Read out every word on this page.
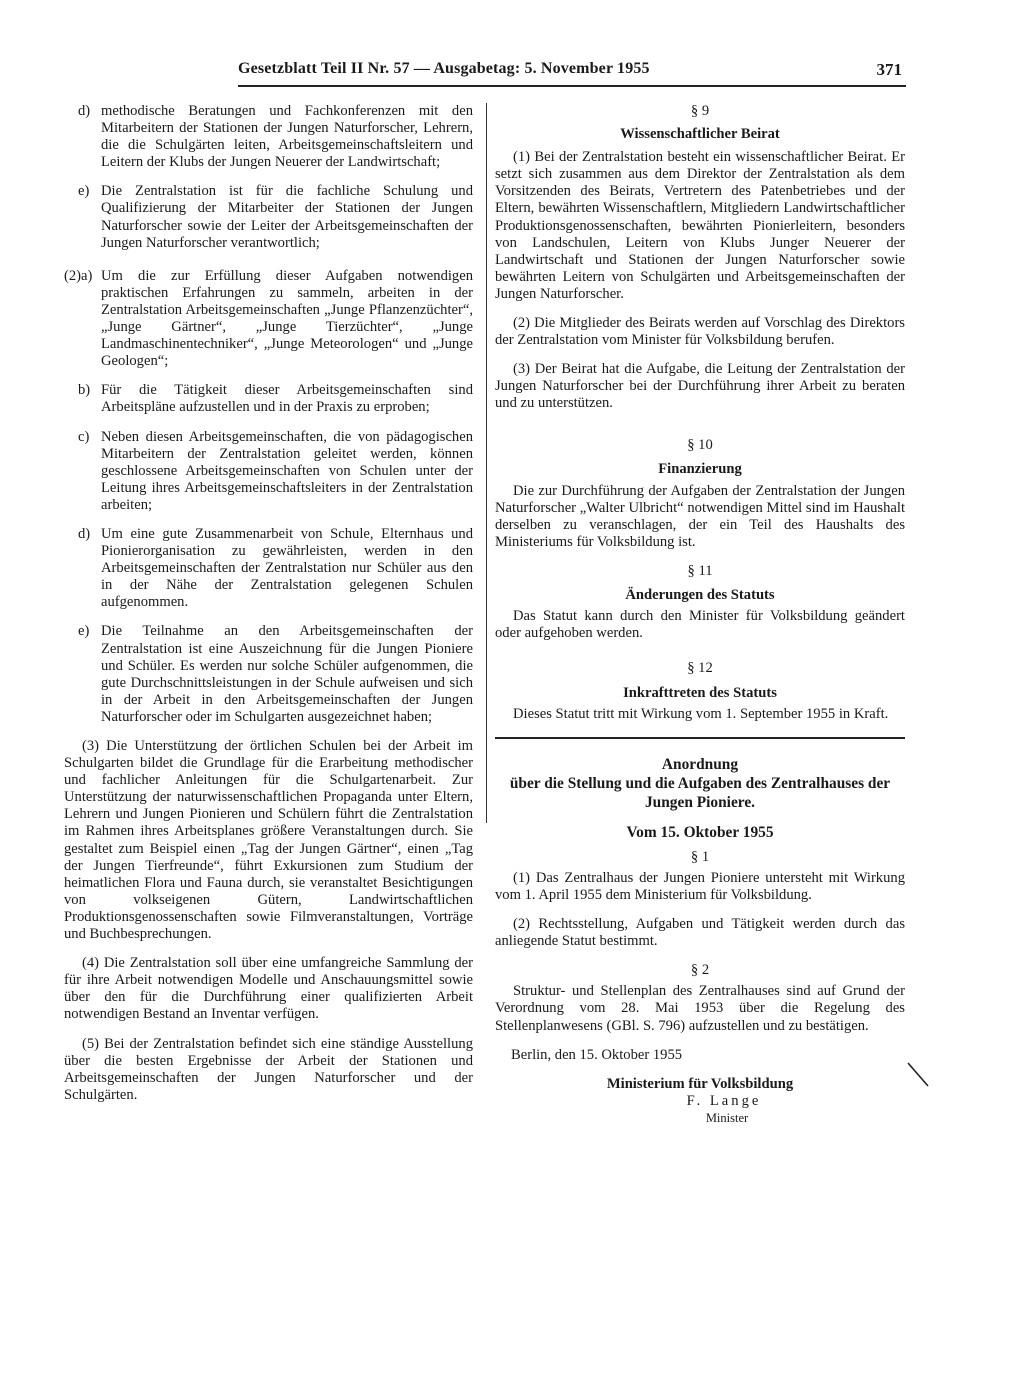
Gesetzblatt Teil II Nr. 57 — Ausgabetag: 5. November 1955	371
d) methodische Beratungen und Fachkonferenzen mit den Mitarbeitern der Stationen der Jungen Naturforscher, Lehrern, die die Schulgärten leiten, Arbeitsgemeinschaftsleitern und Leitern der Klubs der Jungen Neuerer der Landwirtschaft;

e) Die Zentralstation ist für die fachliche Schulung und Qualifizierung der Mitarbeiter der Stationen der Jungen Naturforscher sowie der Leiter der Arbeitsgemeinschaften der Jungen Naturforscher verantwortlich;

(2)a) Um die zur Erfüllung dieser Aufgaben notwendigen praktischen Erfahrungen zu sammeln, arbeiten in der Zentralstation Arbeitsgemeinschaften „Junge Pflanzenzüchter“, „Junge Gärtner“, „Junge Tierzüchter“, „Junge Landmaschinentechniker“, „Junge Meteorologen“ und „Junge Geologen“;

b) Für die Tätigkeit dieser Arbeitsgemeinschaften sind Arbeitspläne aufzustellen und in der Praxis zu erproben;

c) Neben diesen Arbeitsgemeinschaften, die von pädagogischen Mitarbeitern der Zentralstation geleitet werden, können geschlossene Arbeitsgemeinschaften von Schulen unter der Leitung ihres Arbeitsgemeinschaftsleiters in der Zentralstation arbeiten;

d) Um eine gute Zusammenarbeit von Schule, Elternhaus und Pionierorganisation zu gewährleisten, werden in den Arbeitsgemeinschaften der Zentralstation nur Schüler aus den in der Nähe der Zentralstation gelegenen Schulen aufgenommen.

e) Die Teilnahme an den Arbeitsgemeinschaften der Zentralstation ist eine Auszeichnung für die Jungen Pioniere und Schüler. Es werden nur solche Schüler aufgenommen, die gute Durchschnittsleistungen in der Schule aufweisen und sich in der Arbeit in den Arbeitsgemeinschaften der Jungen Naturforscher oder im Schulgarten ausgezeichnet haben;

(3) Die Unterstützung der örtlichen Schulen bei der Arbeit im Schulgarten bildet die Grundlage für die Erarbeitung methodischer und fachlicher Anleitungen für die Schulgartenarbeit. Zur Unterstützung der naturwissenschaftlichen Propaganda unter Eltern, Lehrern und Jungen Pionieren und Schülern führt die Zentralstation im Rahmen ihres Arbeitsplanes größere Veranstaltungen durch. Sie gestaltet zum Beispiel einen „Tag der Jungen Gärtner“, einen „Tag der Jungen Tierfreunde“, führt Exkursionen zum Studium der heimatlichen Flora und Fauna durch, sie veranstaltet Besichtigungen von volkseigenen Gütern, Landwirtschaftlichen Produktionsgenossenschaften sowie Filmveranstaltungen, Vorträge und Buchbesprechungen.

(4) Die Zentralstation soll über eine umfangreiche Sammlung der für ihre Arbeit notwendigen Modelle und Anschauungsmittel sowie über den für die Durchführung einer qualifizierten Arbeit notwendigen Bestand an Inventar verfügen.

(5) Bei der Zentralstation befindet sich eine ständige Ausstellung über die besten Ergebnisse der Arbeit der Stationen und Arbeitsgemeinschaften der Jungen Naturforscher und der Schulgärten.

§ 9

Wissenschaftlicher Beirat

(1) Bei der Zentralstation besteht ein wissenschaftlicher Beirat. Er setzt sich zusammen aus dem Direktor der Zentralstation als dem Vorsitzenden des Beirats, Vertretern des Patenbetriebes und der Eltern, bewährten Wissenschaftlern, Mitgliedern Landwirtschaftlicher Produktionsgenossenschaften, bewährten Pionierleitern, besonders von Landschulen, Leitern von Klubs Junger Neuerer der Landwirtschaft und Stationen der Jungen Naturforscher sowie bewährten Leitern von Schulgärten und Arbeitsgemeinschaften der Jungen Naturforscher.

(2) Die Mitglieder des Beirats werden auf Vorschlag des Direktors der Zentralstation vom Minister für Volksbildung berufen.

(3) Der Beirat hat die Aufgabe, die Leitung der Zentralstation der Jungen Naturforscher bei der Durchführung ihrer Arbeit zu beraten und zu unterstützen.

§ 10

Finanzierung

Die zur Durchführung der Aufgaben der Zentralstation der Jungen Naturforscher „Walter Ulbricht“ notwendigen Mittel sind im Haushalt derselben zu veranschlagen, der ein Teil des Haushalts des Ministeriums für Volksbildung ist.

§ 11

Änderungen des Statuts

Das Statut kann durch den Minister für Volksbildung geändert oder aufgehoben werden.

§ 12

Inkrafttreten des Statuts

Dieses Statut tritt mit Wirkung vom 1. September 1955 in Kraft.

Anordnung

über die Stellung und die Aufgaben des Zentralhauses der Jungen Pioniere.

Vom 15. Oktober 1955

§ 1

(1) Das Zentralhaus der Jungen Pioniere untersteht mit Wirkung vom 1. April 1955 dem Ministerium für Volksbildung.

(2) Rechtsstellung, Aufgaben und Tätigkeit werden durch das anliegende Statut bestimmt.

§ 2

Struktur- und Stellenplan des Zentralhauses sind auf Grund der Verordnung vom 28. Mai 1953 über die Regelung des Stellenplanwesens (GBl. S. 796) aufzustellen und zu bestätigen.

Berlin, den 15. Oktober 1955

Ministerium für Volksbildung

F. Lange

Minister
